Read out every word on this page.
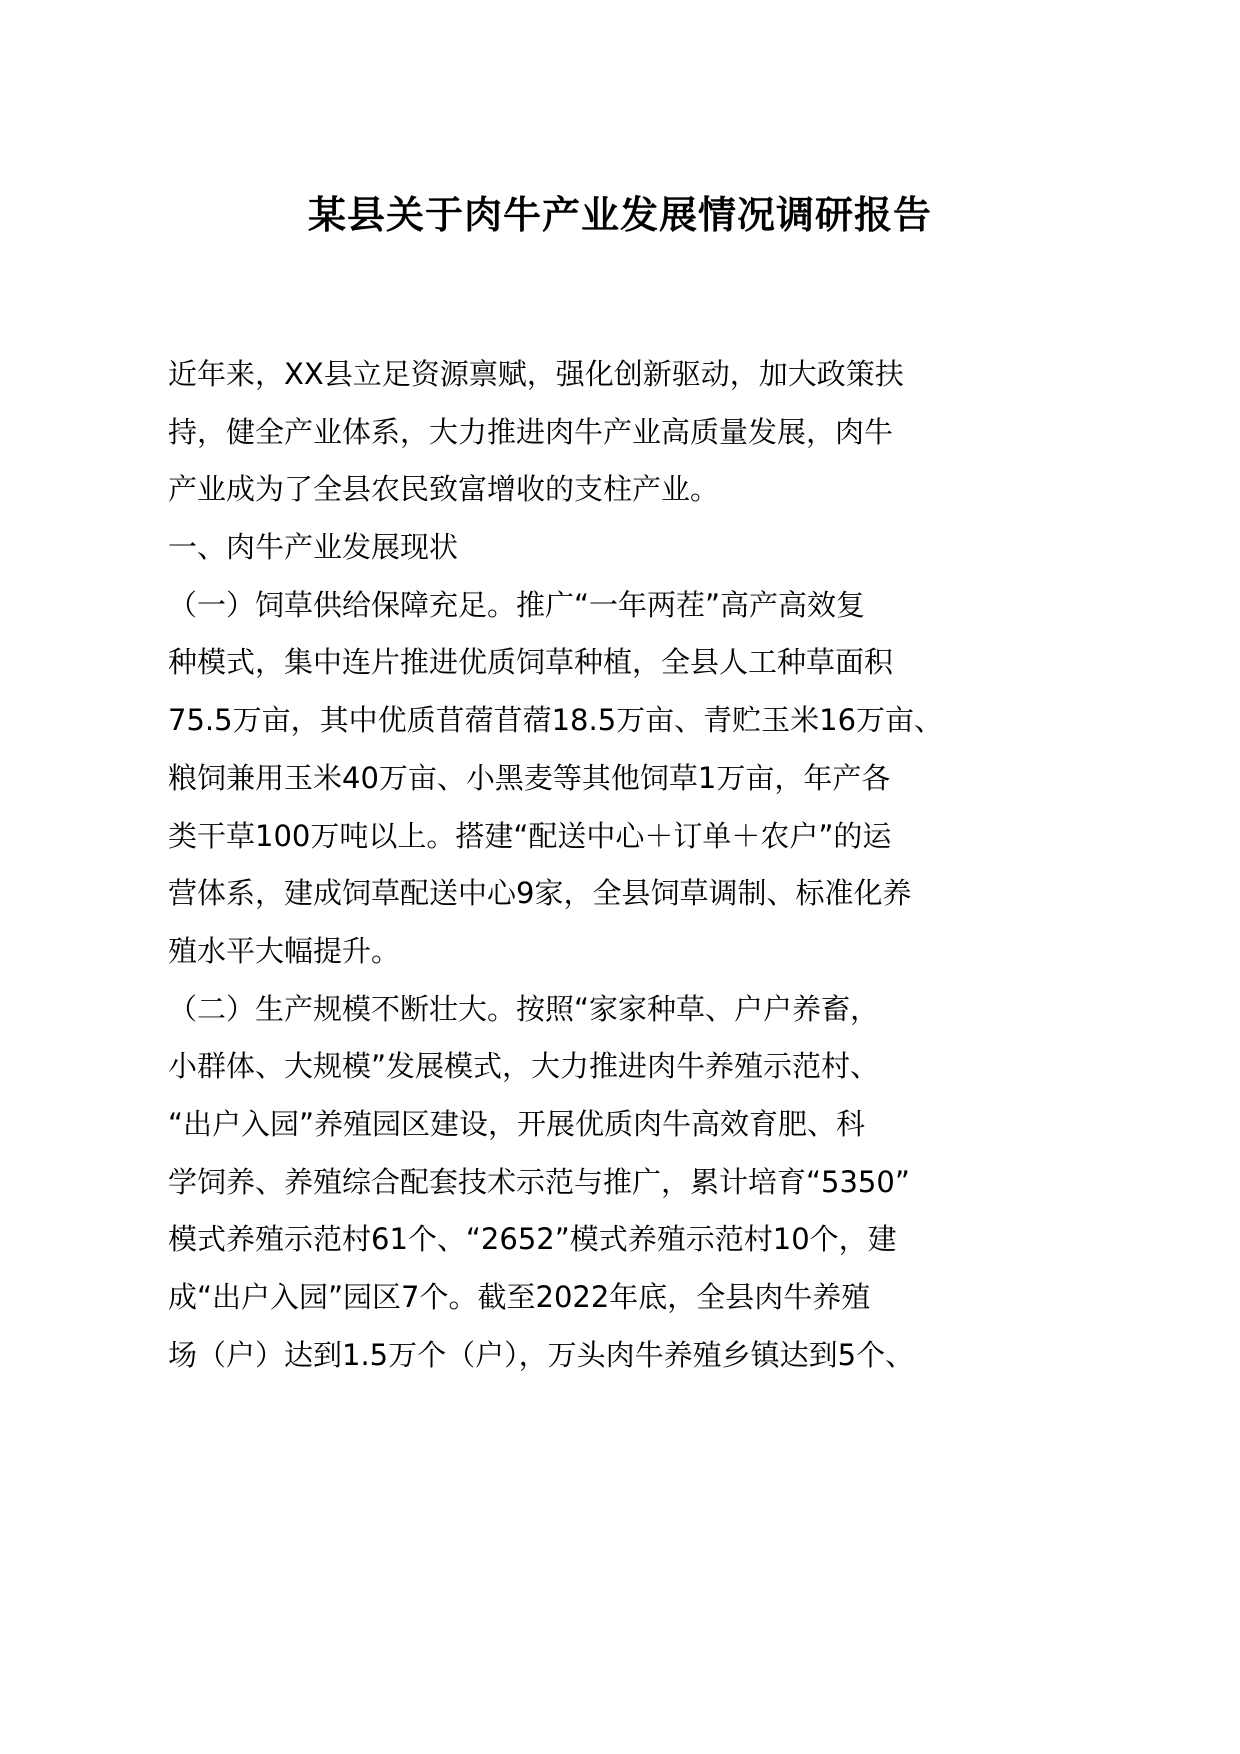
某县关于肉牛产业发展情况调研报告
近年来，XX县立足资源禀赋，强化创新驱动，加大政策扶
持，健全产业体系，大力推进肉牛产业高质量发展，肉牛
产业成为了全县农民致富增收的支柱产业。
一、肉牛产业发展现状
（一）饲草供给保障充足。推广“一年两茬”高产高效复
种模式，集中连片推进优质饲草种植，全县人工种草面积
75.5万亩，其中优质苜蓿苜蓿18.5万亩、青贮玉米16万亩、
粮饲兼用玉米40万亩、小黑麦等其他饲草1万亩，年产各
类干草100万吨以上。搭建“配送中心＋订单＋农户”的运
营体系，建成饲草配送中心9家，全县饲草调制、标准化养
殖水平大幅提升。
（二）生产规模不断壮大。按照“家家种草、户户养畜，
小群体、大规模”发展模式，大力推进肉牛养殖示范村、
“出户入园”养殖园区建设，开展优质肉牛高效育肥、科
学饲养、养殖综合配套技术示范与推广，累计培育“5350”
模式养殖示范村61个、“2652”模式养殖示范村10个，建
成“出户入园”园区7个。截至2022年底，全县肉牛养殖
场（户）达到1.5万个（户），万头肉牛养殖乡镇达到5个、
